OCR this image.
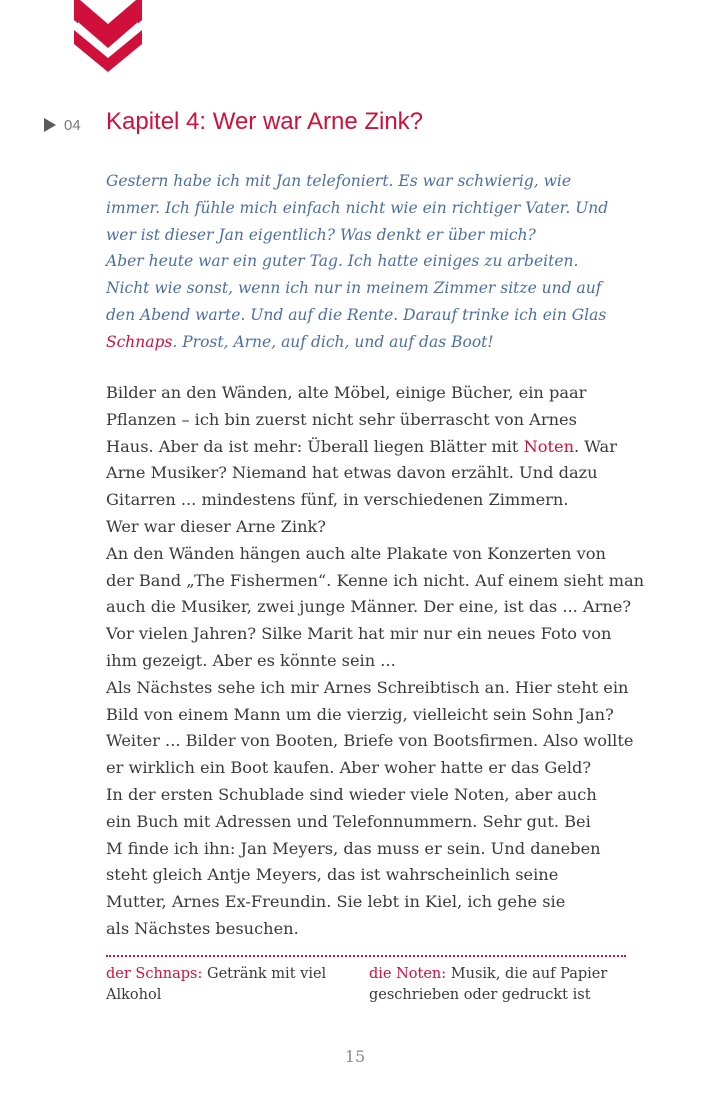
04	Kapitel 4: Wer war Arne Zink?

Gestern habe ich mit Jan telefoniert. Es war schwierig, wie immer. Ich fühle mich einfach nicht wie ein richtiger Vater. Und wer ist dieser Jan eigentlich? Was denkt er über mich?

Aber heute war ein guter Tag. Ich hatte einiges zu arbeiten. Nicht wie sonst, wenn ich nur in meinem Zimmer sitze und auf den Abend warte. Und auf die Rente. Darauf trinke ich ein Glas Schnaps. Prost, Arne, auf dich, und auf das Boot!

Bilder an den Wänden, alte Möbel, einige Bücher, ein paar
Pflanzen – ich bin zuerst nicht sehr überrascht von Arnes
Haus. Aber da ist mehr: Überall liegen Blätter mit Noten. War
Arne Musiker? Niemand hat etwas davon erzählt. Und dazu
Gitarren ... mindestens fünf, in verschiedenen Zimmern.
Wer war dieser Arne Zink?
An den Wänden hängen auch alte Plakate von Konzerten von
der Band „The Fishermen“. Kenne ich nicht. Auf einem sieht man
auch die Musiker, zwei junge Männer. Der eine, ist das ... Arne?
Vor vielen Jahren? Silke Marit hat mir nur ein neues Foto von
ihm gezeigt. Aber es könnte sein ...
Als Nächstes sehe ich mir Arnes Schreibtisch an. Hier steht ein
Bild von einem Mann um die vierzig, vielleicht sein Sohn Jan?
Weiter ... Bilder von Booten, Briefe von Bootsfirmen. Also wollte
er wirklich ein Boot kaufen. Aber woher hatte er das Geld?
In der ersten Schublade sind wieder viele Noten, aber auch
ein Buch mit Adressen und Telefonnummern. Sehr gut. Bei
M finde ich ihn: Jan Meyers, das muss er sein. Und daneben
steht gleich Antje Meyers, das ist wahrscheinlich seine
Mutter, Arnes Ex-Freundin. Sie lebt in Kiel, ich gehe sie
als Nächstes besuchen.
der Schnaps: Getränk mit viel Alkohol
die Noten: Musik, die auf Papier geschrieben oder gedruckt ist
15
